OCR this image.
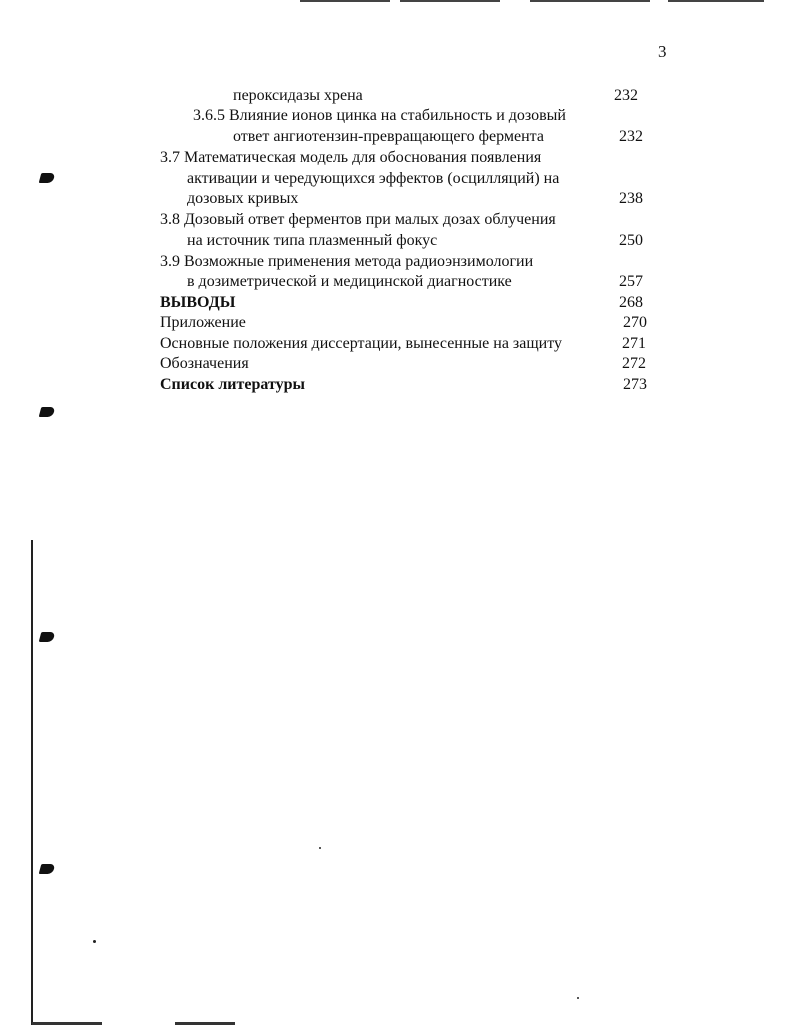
3
пероксидазы хрена	232
3.6.5 Влияние ионов цинка на стабильность и дозовый
ответ ангиотензин-превращающего фермента	232
3.7 Математическая модель для обоснования появления
активации и чередующихся эффектов (осцилляций) на
дозовых кривых	238
3.8 Дозовый ответ ферментов при малых дозах облучения
на источник типа плазменный фокус	250
3.9 Возможные применения метода радиоэнзимологии
в дозиметрической и медицинской диагностике	257
ВЫВОДЫ	268
Приложение	270
Основные положения диссертации, вынесенные на защиту	271
Обозначения	272
Список литературы	273
